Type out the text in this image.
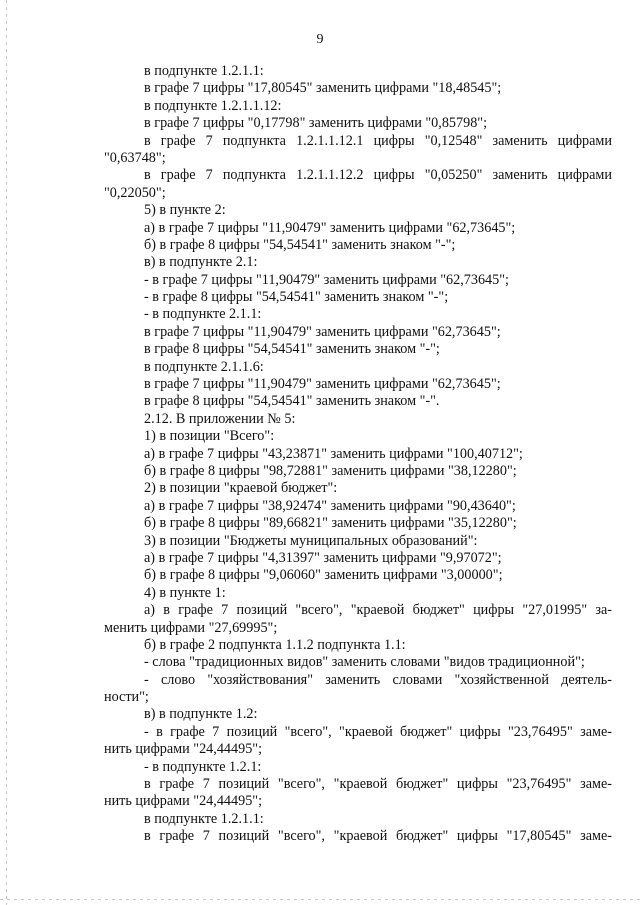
9
в подпункте 1.2.1.1:
в графе 7 цифры "17,80545" заменить цифрами "18,48545";
в подпункте 1.2.1.1.12:
в графе 7 цифры "0,17798" заменить цифрами "0,85798";
в графе 7 подпункта 1.2.1.1.12.1 цифры "0,12548" заменить цифрами
"0,63748";
в графе 7 подпункта 1.2.1.1.12.2 цифры "0,05250" заменить цифрами
"0,22050";
5) в пункте 2:
а) в графе 7 цифры "11,90479" заменить цифрами "62,73645";
б) в графе 8 цифры "54,54541" заменить знаком "-";
в) в подпункте 2.1:
- в графе 7 цифры "11,90479" заменить цифрами "62,73645";
- в графе 8 цифры "54,54541" заменить знаком "-";
- в подпункте 2.1.1:
в графе 7 цифры "11,90479" заменить цифрами "62,73645";
в графе 8 цифры "54,54541" заменить знаком "-";
в подпункте 2.1.1.6:
в графе 7 цифры "11,90479" заменить цифрами "62,73645";
в графе 8 цифры "54,54541" заменить знаком "-".
2.12. В приложении № 5:
1) в позиции "Всего":
а) в графе 7 цифры "43,23871" заменить цифрами "100,40712";
б) в графе 8 цифры "98,72881" заменить цифрами "38,12280";
2) в позиции "краевой бюджет":
а) в графе 7 цифры "38,92474" заменить цифрами "90,43640";
б) в графе 8 цифры "89,66821" заменить цифрами "35,12280";
3) в позиции "Бюджеты муниципальных образований":
а) в графе 7 цифры "4,31397" заменить цифрами "9,97072";
б) в графе 8 цифры "9,06060" заменить цифрами "3,00000";
4) в пункте 1:
а) в графе 7 позиций "всего", "краевой бюджет" цифры "27,01995" за-
менить цифрами "27,69995";
б) в графе 2 подпункта 1.1.2 подпункта 1.1:
- слова "традиционных видов" заменить словами "видов традиционной";
- слово "хозяйствования" заменить словами "хозяйственной деятель-
ности";
в) в подпункте 1.2:
- в графе 7 позиций "всего", "краевой бюджет" цифры "23,76495" заме-
нить цифрами "24,44495";
- в подпункте 1.2.1:
в графе 7 позиций "всего", "краевой бюджет" цифры "23,76495" заме-
нить цифрами "24,44495";
в подпункте 1.2.1.1:
в графе 7 позиций "всего", "краевой бюджет" цифры "17,80545" заме-
